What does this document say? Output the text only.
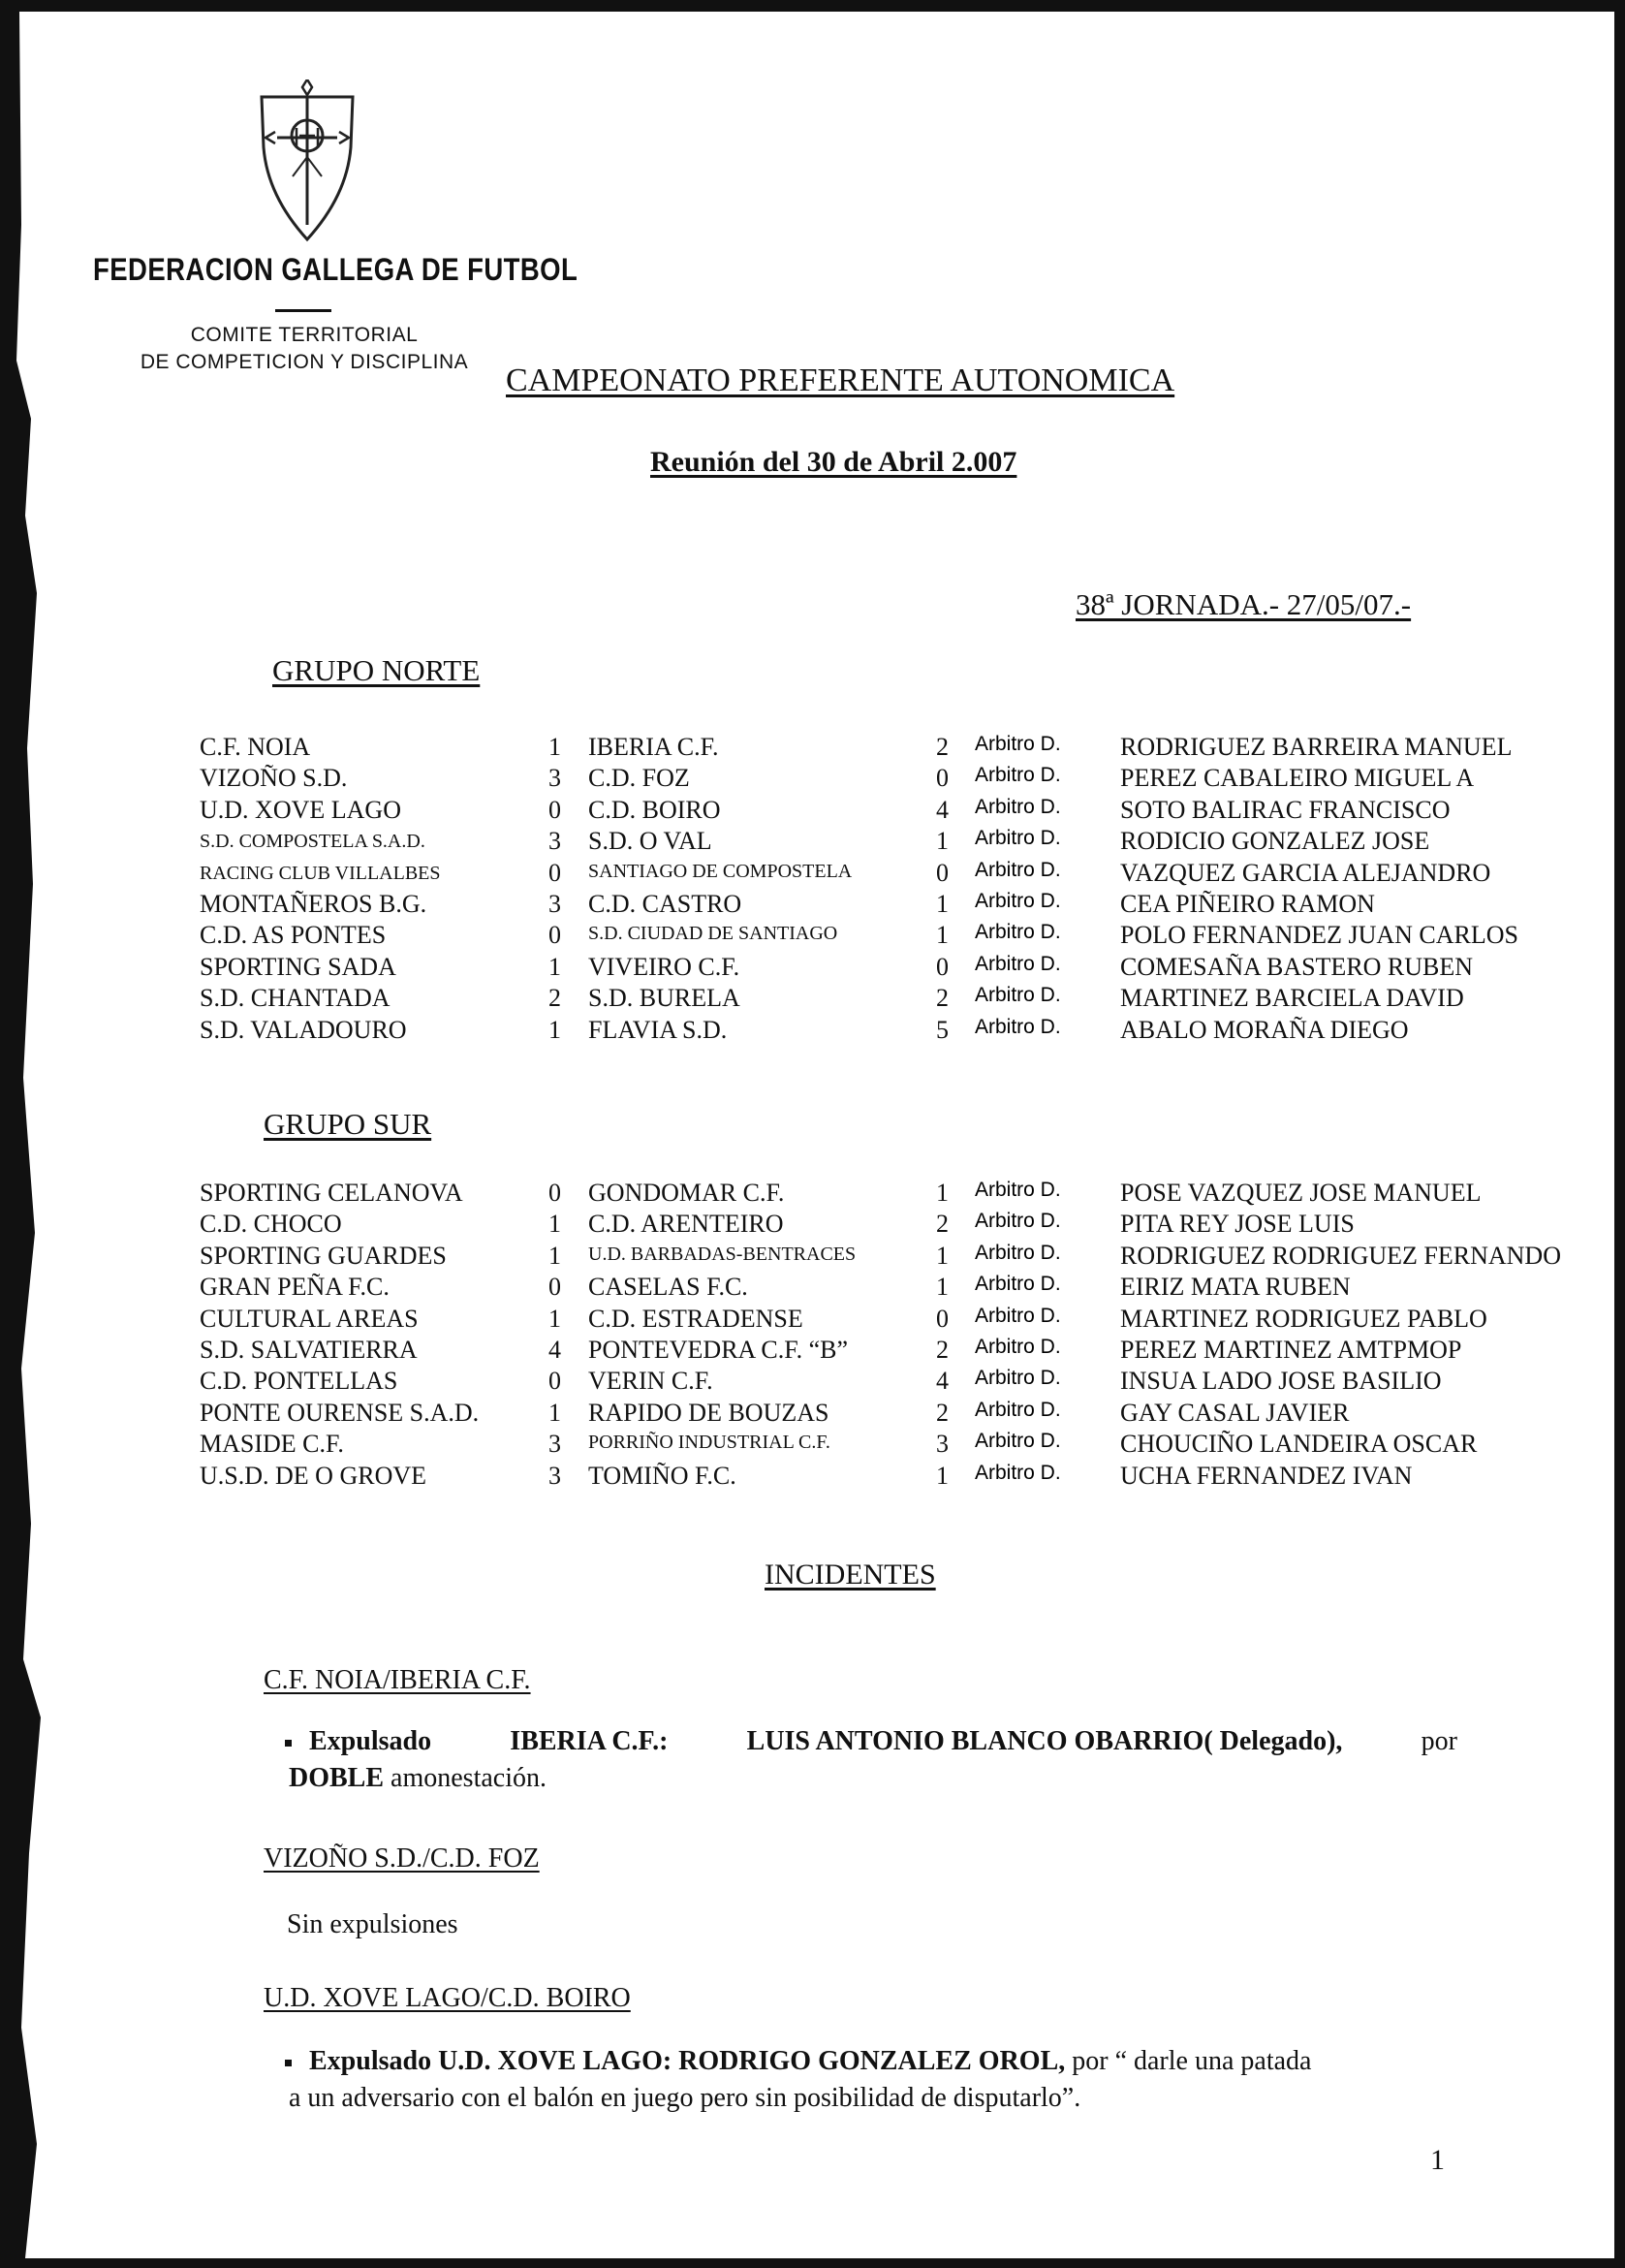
FEDERACION GALLEGA DE FUTBOL
COMITE TERRITORIAL
DE COMPETICION Y DISCIPLINA
CAMPEONATO PREFERENTE AUTONOMICA
Reunión del 30 de Abril 2.007
38ª JORNADA.- 27/05/07.-
GRUPO NORTE
C.F. NOIA	1 IBERIA C.F.	2 Arbitro D. RODRIGUEZ BARREIRA MANUEL
VIZOÑO S.D.	3 C.D. FOZ	0 Arbitro D. PEREZ CABALEIRO MIGUEL A
U.D. XOVE LAGO	0 C.D. BOIRO	4 Arbitro D. SOTO BALIRAC FRANCISCO
S.D. COMPOSTELA S.A.D.	3 S.D. O VAL	1 Arbitro D. RODICIO GONZALEZ JOSE
RACING CLUB VILLALBES	0 SANTIAGO DE COMPOSTELA	0 Arbitro D. VAZQUEZ GARCIA ALEJANDRO
MONTAÑEROS B.G.	3 C.D. CASTRO	1 Arbitro D. CEA PIÑEIRO RAMON
C.D. AS PONTES	0 S.D. CIUDAD DE SANTIAGO	1 Arbitro D. POLO FERNANDEZ JUAN CARLOS
SPORTING SADA	1 VIVEIRO C.F.	0 Arbitro D. COMESAÑA BASTERO RUBEN
S.D. CHANTADA	2 S.D. BURELA	2 Arbitro D. MARTINEZ BARCIELA DAVID
S.D. VALADOURO	1 FLAVIA S.D.	5 Arbitro D. ABALO MORAÑA DIEGO
GRUPO SUR
SPORTING CELANOVA	0 GONDOMAR C.F.	1 Arbitro D. POSE VAZQUEZ JOSE MANUEL
C.D. CHOCO	1 C.D. ARENTEIRO	2 Arbitro D. PITA REY JOSE LUIS
SPORTING GUARDES	1 U.D. BARBADAS-BENTRACES	1 Arbitro D. RODRIGUEZ RODRIGUEZ FERNANDO
GRAN PEÑA F.C.	0 CASELAS F.C.	1 Arbitro D. EIRIZ MATA RUBEN
CULTURAL AREAS	1 C.D. ESTRADENSE	0 Arbitro D. MARTINEZ RODRIGUEZ PABLO
S.D. SALVATIERRA	4 PONTEVEDRA C.F. “B”	2 Arbitro D. PEREZ MARTINEZ AMTPMOP
C.D. PONTELLAS	0 VERIN C.F.	4 Arbitro D. INSUA LADO JOSE BASILIO
PONTE OURENSE S.A.D.	1 RAPIDO DE BOUZAS	2 Arbitro D. GAY CASAL JAVIER
MASIDE C.F.	3 PORRIÑO INDUSTRIAL C.F.	3 Arbitro D. CHOUCIÑO LANDEIRA OSCAR
U.S.D. DE O GROVE	3 TOMIÑO F.C.	1 Arbitro D. UCHA FERNANDEZ IVAN
INCIDENTES
C.F. NOIA/IBERIA C.F.
Expulsado	IBERIA C.F.:	LUIS ANTONIO BLANCO OBARRIO( Delegado),	por
DOBLE amonestación.
VIZOÑO S.D./C.D. FOZ
Sin expulsiones
U.D. XOVE LAGO/C.D. BOIRO
Expulsado U.D. XOVE LAGO: RODRIGO GONZALEZ OROL, por “ darle una patada
a un adversario con el balón en juego pero sin posibilidad de disputarlo”.
1
